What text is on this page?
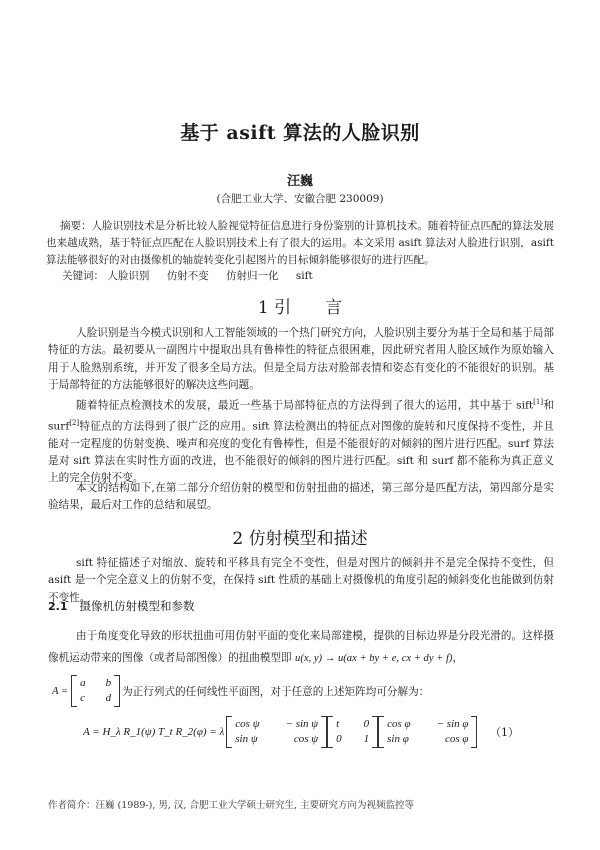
基于 asift 算法的人脸识别
汪巍
(合肥工业大学、安徽合肥 230009)
摘要：人脸识别技术是分析比较人脸视觉特征信息进行身份鉴别的计算机技术。随着特征点匹配的算法发展也来越成熟，基于特征点匹配在人脸识别技术上有了很大的运用。本文采用 asift 算法对人脸进行识别，asift 算法能够很好的对由摄像机的轴旋转变化引起图片的目标倾斜能够很好的进行匹配。
关键词： 人脸识别 仿射不变 仿射归一化 sift
1 引　　言
人脸识别是当今模式识别和人工智能领域的一个热门研究方向，人脸识别主要分为基于全局和基于局部特征的方法。最初要从一副图片中提取出具有鲁棒性的特征点很困难，因此研究者用人脸区域作为原始输入用于人脸熟别系统，并开发了很多全局方法。但是全局方法对脸部表情和姿态有变化的不能很好的识别。基于局部特征的方法能够很好的解决这些问题。
随着特征点检测技术的发展，最近一些基于局部特征点的方法得到了很大的运用，其中基于 sift[1]和 surf[2]特征点的方法得到了很广泛的应用。sift 算法检测出的特征点对图像的旋转和尺度保持不变性，并且能对一定程度的仿射变换、噪声和亮度的变化有鲁棒性，但是不能很好的对倾斜的图片进行匹配。surf 算法是对 sift 算法在实时性方面的改进，也不能很好的倾斜的图片进行匹配。sift 和 surf 都不能称为真正意义上的完全仿射不变。
本文的结构如下,在第二部分介绍仿射的模型和仿射扭曲的描述，第三部分是匹配方法，第四部分是实验结果，最后对工作的总结和展望。
2 仿射模型和描述
sift 特征描述子对缩放、旋转和平移具有完全不变性，但是对图片的倾斜并不是完全保持不变性，但 asift 是一个完全意义上的仿射不变，在保持 sift 性质的基础上对摄像机的角度引起的倾斜变化也能做到仿射不变性。
2.1 摄像机仿射模型和参数
由于角度变化导致的形状扭曲可用仿射平面的变化来局部建模，提供的目标边界是分段光滑的。这样摄像机运动带来的图像（或者局部图像）的扭曲模型即 u(x, y) → u(ax + by + e, cx + dy + f)，
A =
a b
c d
为正行列式的任何线性平面图，对于任意的上述矩阵均可分解为：
A = H_λ R_1(ψ) T_t R_2(φ) = λ
cos ψ − sin ψ
sin ψ	cos ψ
t 0
0 1
cos φ − sin φ
sin φ	cos φ （1）
作者简介：汪巍 (1989-), 男, 汉, 合肥工业大学硕士研究生, 主要研究方向为视频监控等
